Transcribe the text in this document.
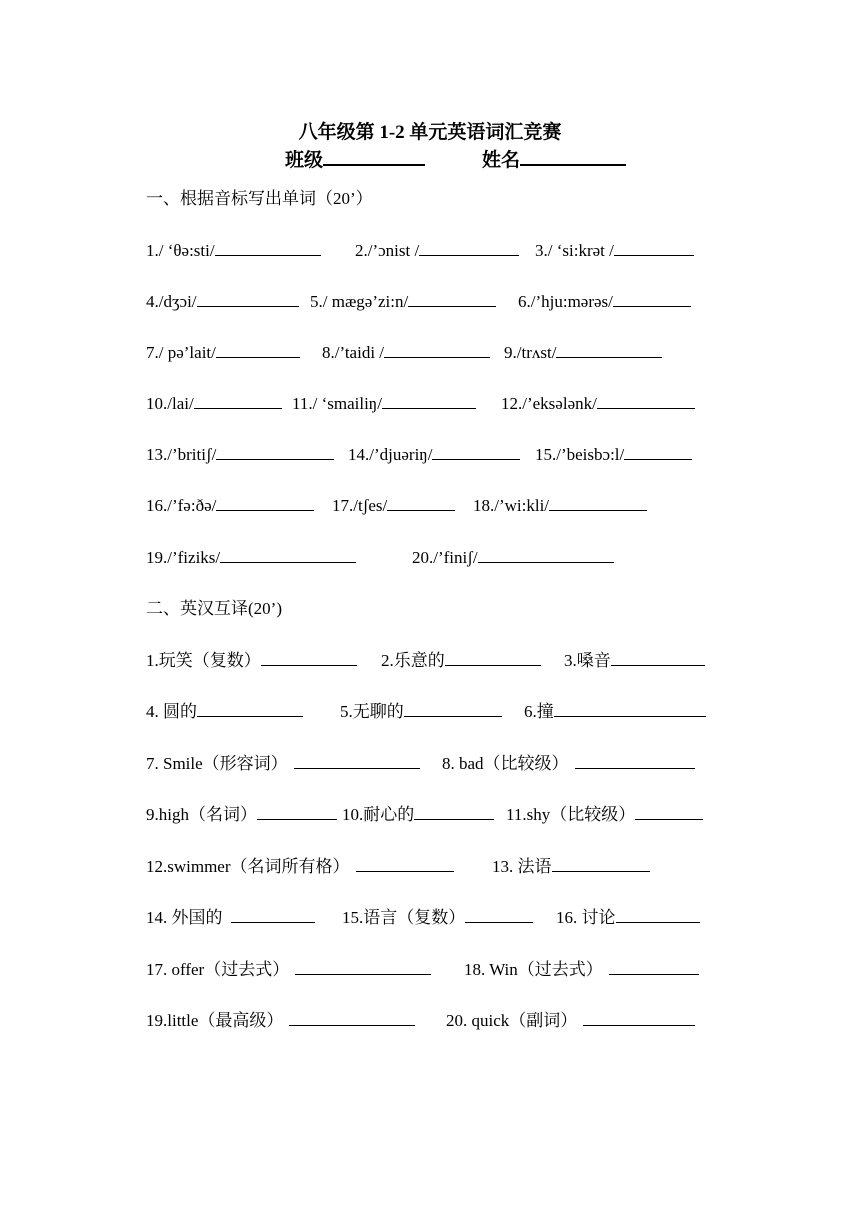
八年级第 1-2 单元英语词汇竞赛
班级	姓名
一、根据音标写出单词（20’）
1./ ‘θə:sti/	2./’ɔnist /	3./ ‘si:krət /
4./dʒɔi/	5./ mægə’zi:n/	6./’hju:mərəs/
7./ pə’lait/	8./’taidi /	9./trʌst/
10./lai/	11./ ‘smailiŋ/	12./’eksələnk/
13./’britiʃ/	14./’djuəriŋ/	15./’beisbɔ:l/
16./’fə:ðə/	17./tʃes/	18./’wi:kli/
19./’fiziks/	20./’finiʃ/
二、英汉互译(20’)
1.玩笑（复数）	2.乐意的	3.嗓音
4. 圆的	5.无聊的	6.撞
7. Smile（形容词）	8. bad（比较级）
9.high（名词）	10.耐心的	11.shy（比较级）
12.swimmer（名词所有格）	13. 法语
14. 外国的	15.语言（复数）	16. 讨论
17. offer（过去式）	18. Win（过去式）
19.little（最高级）	20. quick（副词）
